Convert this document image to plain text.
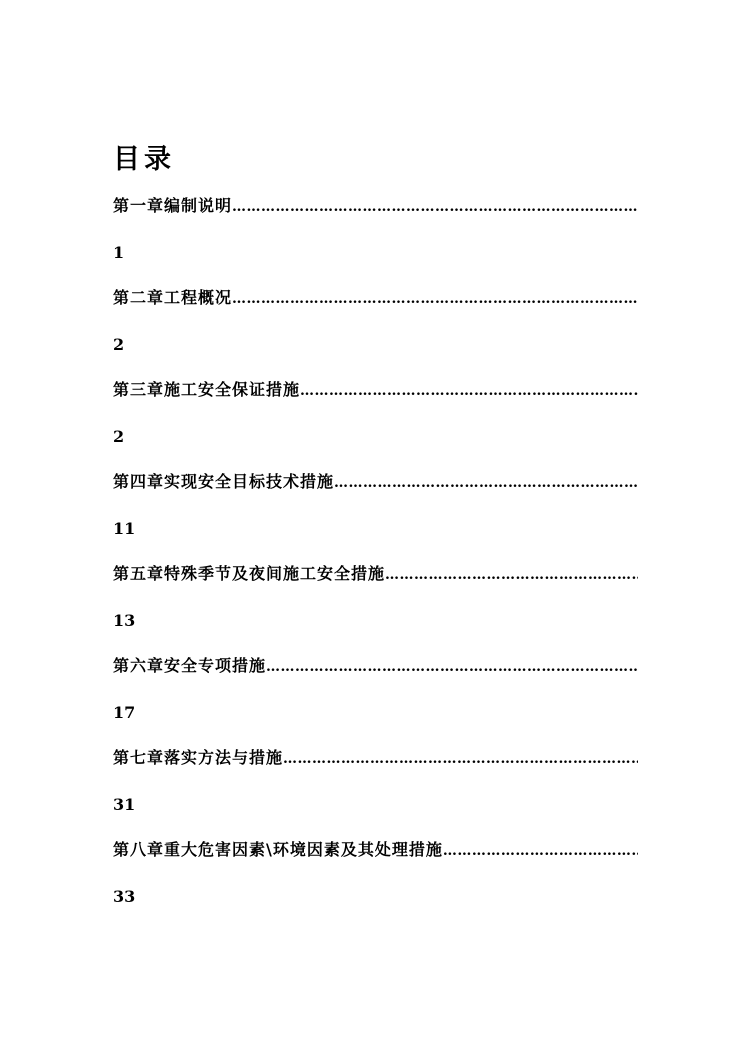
目录
第一章编制说明
……………………………………………………………………………………………………………………
1
第二章工程概况
……………………………………………………………………………………………………………………
2
第三章施工安全保证措施
……………………………………………………………………………………………………………………
2
第四章实现安全目标技术措施
……………………………………………………………………………………………………………………
11
第五章特殊季节及夜间施工安全措施
……………………………………………………………………………………………………………………
13
第六章安全专项措施
……………………………………………………………………………………………………………………
17
第七章落实方法与措施
……………………………………………………………………………………………………………………
31
第八章重大危害因素\环境因素及其处理措施
……………………………………………………………………………………………………………………
33
